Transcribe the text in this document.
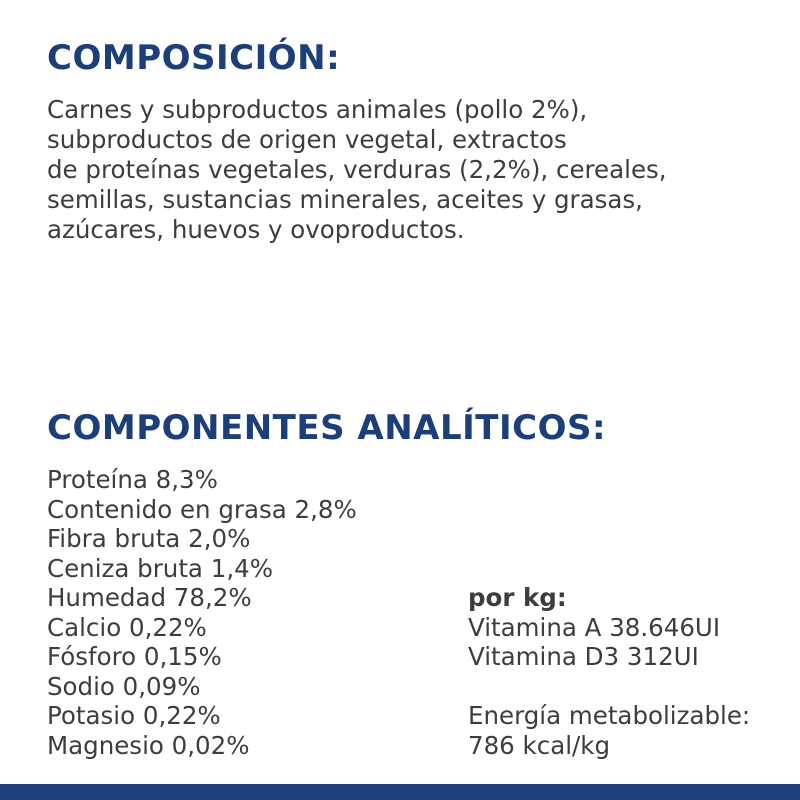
COMPOSICIÓN:

Carnes y subproductos animales (pollo 2%),
subproductos de origen vegetal, extractos
de proteínas vegetales, verduras (2,2%), cereales,
semillas, sustancias minerales, aceites y grasas,
azúcares, huevos y ovoproductos.

COMPONENTES ANALÍTICOS:
Proteína 8,3%
Contenido en grasa 2,8%
Fibra bruta 2,0%
Ceniza bruta 1,4%
Humedad 78,2%
Calcio 0,22%
Fósforo 0,15%
Sodio 0,09%
Potasio 0,22%
Magnesio 0,02%
por kg:
Vitamina A 38.646UI
Vitamina D3 312UI
Energía metabolizable:
786 kcal/kg
